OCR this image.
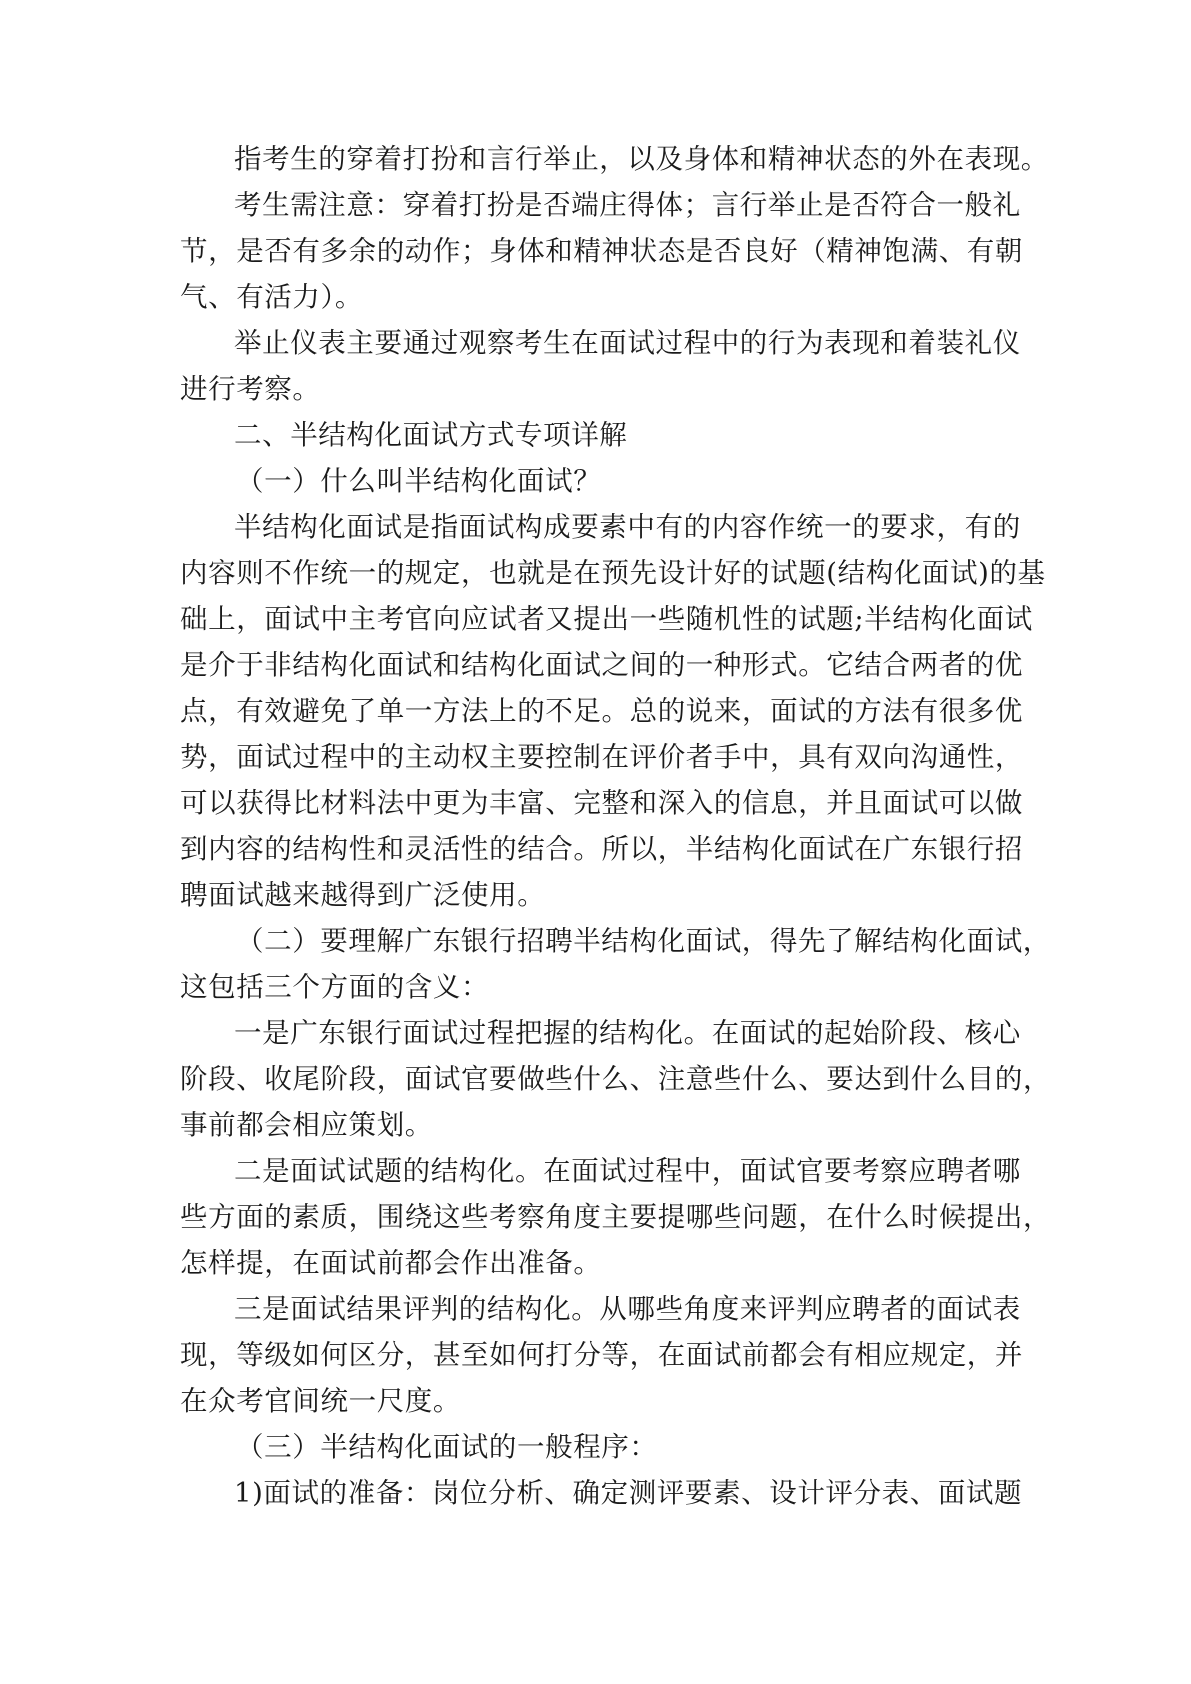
指考生的穿着打扮和言行举止，以及身体和精神状态的外在表现。
考生需注意：穿着打扮是否端庄得体；言行举止是否符合一般礼
节，是否有多余的动作；身体和精神状态是否良好（精神饱满、有朝
气、有活力）。
举止仪表主要通过观察考生在面试过程中的行为表现和着装礼仪
进行考察。
二、半结构化面试方式专项详解
（一）什么叫半结构化面试？
半结构化面试是指面试构成要素中有的内容作统一的要求，有的
内容则不作统一的规定，也就是在预先设计好的试题(结构化面试)的基
础上，面试中主考官向应试者又提出一些随机性的试题;半结构化面试
是介于非结构化面试和结构化面试之间的一种形式。它结合两者的优
点，有效避免了单一方法上的不足。总的说来，面试的方法有很多优
势，面试过程中的主动权主要控制在评价者手中，具有双向沟通性，
可以获得比材料法中更为丰富、完整和深入的信息，并且面试可以做
到内容的结构性和灵活性的结合。所以，半结构化面试在广东银行招
聘面试越来越得到广泛使用。
（二）要理解广东银行招聘半结构化面试，得先了解结构化面试，
这包括三个方面的含义：
一是广东银行面试过程把握的结构化。在面试的起始阶段、核心
阶段、收尾阶段，面试官要做些什么、注意些什么、要达到什么目的，
事前都会相应策划。
二是面试试题的结构化。在面试过程中，面试官要考察应聘者哪
些方面的素质，围绕这些考察角度主要提哪些问题，在什么时候提出，
怎样提，在面试前都会作出准备。
三是面试结果评判的结构化。从哪些角度来评判应聘者的面试表
现，等级如何区分，甚至如何打分等，在面试前都会有相应规定，并
在众考官间统一尺度。
（三）半结构化面试的一般程序：
1)面试的准备：岗位分析、确定测评要素、设计评分表、面试题
